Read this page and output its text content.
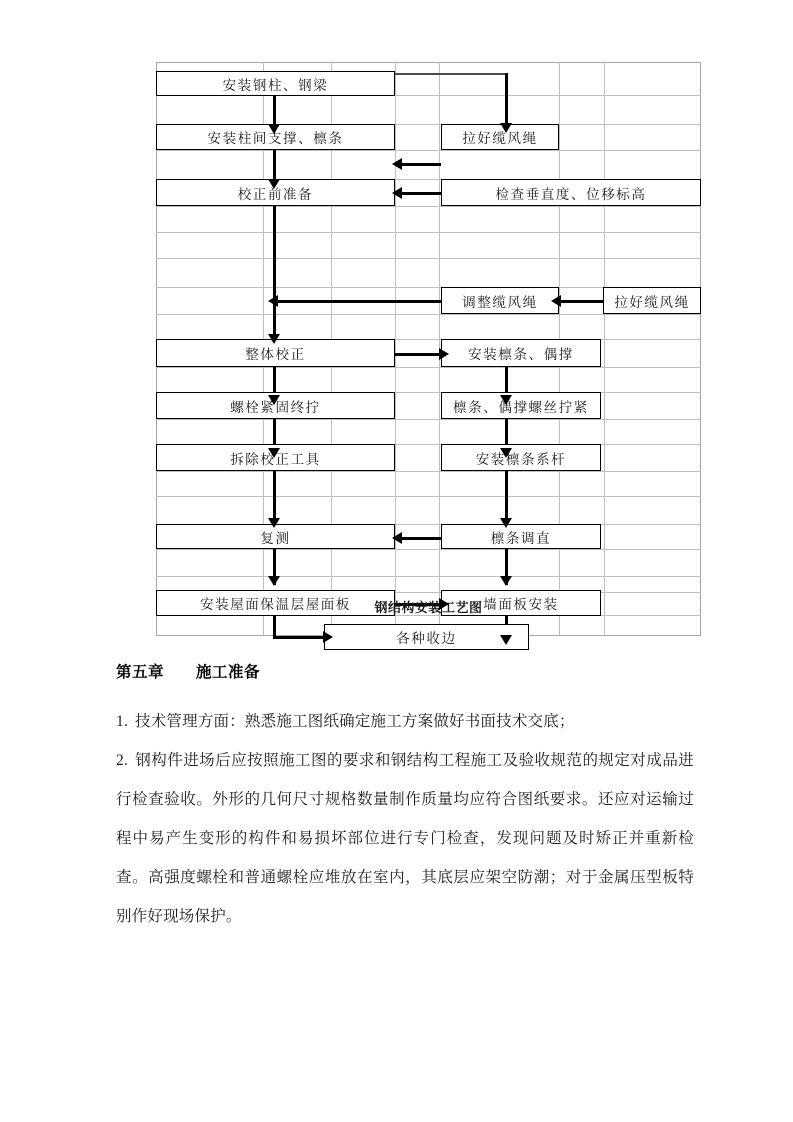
安装钢柱、钢梁
安装柱间支撑、檩条	拉好缆风绳
校正前准备	检查垂直度、位移标高
调整缆风绳	拉好缆风绳
整体校正	安装檩条、偶撑
螺栓紧固终拧	檩条、偶撑螺丝拧紧
拆除校正工具	安装檩条系杆
复测	檩条调直
安装屋面保温层屋面板	墙面板安装
各种收边
钢结构安装工艺图
第五章　　施工准备

1. 技术管理方面：熟悉施工图纸确定施工方案做好书面技术交底；

2. 钢构件进场后应按照施工图的要求和钢结构工程施工及验收规范的规定对成品进行检查验收。外形的几何尺寸规格数量制作质量均应符合图纸要求。还应对运输过程中易产生变形的构件和易损坏部位进行专门检查，发现问题及时矫正并重新检查。高强度螺栓和普通螺栓应堆放在室内，其底层应架空防潮；对于金属压型板特别作好现场保护。
